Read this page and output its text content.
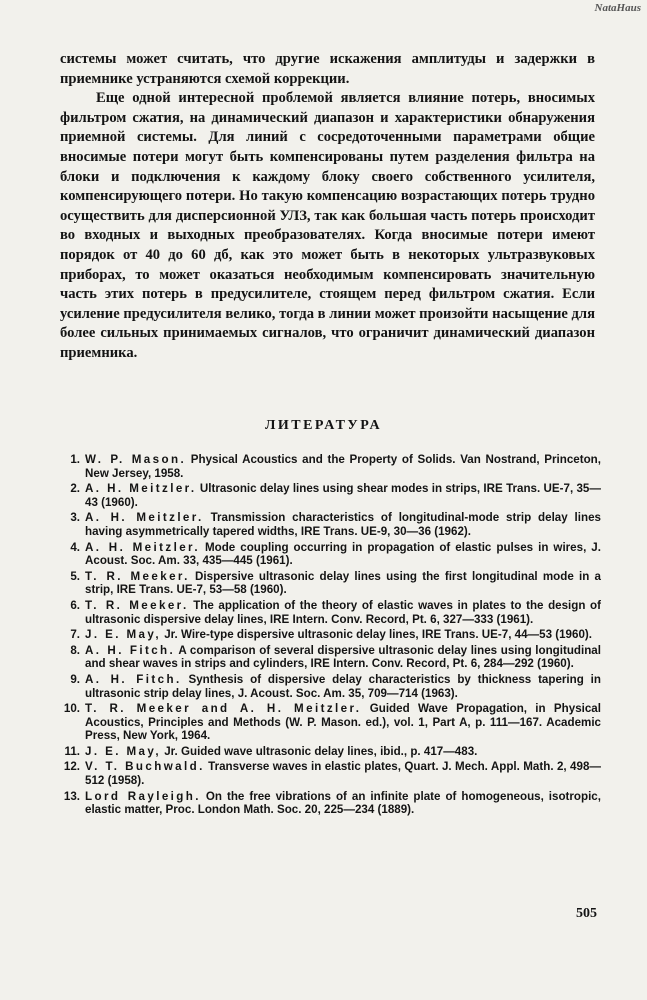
NataHaus

системы может считать, что другие искажения амплитуды и задержки в приемнике устраняются схемой коррекции.

Еще одной интересной проблемой является влияние потерь, вносимых фильтром сжатия, на динамический диапазон и характеристики обнаружения приемной системы. Для линий с сосредоточенными параметрами общие вносимые потери могут быть компенсированы путем разделения фильтра на блоки и подключения к каждому блоку своего собственного усилителя, компенсирующего потери. Но такую компенсацию возрастающих потерь трудно осуществить для дисперсионной УЛЗ, так как большая часть потерь происходит во входных и выходных преобразователях. Когда вносимые потери имеют порядок от 40 до 60 дб, как это может быть в некоторых ультразвуковых приборах, то может оказаться необходимым компенсировать значительную часть этих потерь в предусилителе, стоящем перед фильтром сжатия. Если усиление предусилителя велико, тогда в линии может произойти насыщение для более сильных принимаемых сигналов, что ограничит динамический диапазон приемника.

ЛИТЕРАТУРА
1. W. P. Mason. Physical Acoustics and the Property of Solids. Van Nostrand, Princeton, New Jersey, 1958.
2. A. H. Meitzler. Ultrasonic delay lines using shear modes in strips, IRE Trans. UE-7, 35—43 (1960).
3. A. H. Meitzler. Transmission characteristics of longitudinal-mode strip delay lines having asymmetrically tapered widths, IRE Trans. UE-9, 30—36 (1962).
4. A. H. Meitzler. Mode coupling occurring in propagation of elastic pulses in wires, J. Acoust. Soc. Am. 33, 435—445 (1961).
5. T. R. Meeker. Dispersive ultrasonic delay lines using the first longitudinal mode in a strip, IRE Trans. UE-7, 53—58 (1960).
6. T. R. Meeker. The application of the theory of elastic waves in plates to the design of ultrasonic dispersive delay lines, IRE Intern. Conv. Record, Pt. 6, 327—333 (1961).
7. J. E. May, Jr. Wire-type dispersive ultrasonic delay lines, IRE Trans. UE-7, 44—53 (1960).
8. A. H. Fitch. A comparison of several dispersive ultrasonic delay lines using longitudinal and shear waves in strips and cylinders, IRE Intern. Conv. Record, Pt. 6, 284—292 (1960).
9. A. H. Fitch. Synthesis of dispersive delay characteristics by thickness tapering in ultrasonic strip delay lines, J. Acoust. Soc. Am. 35, 709—714 (1963).
10. T. R. Meeker and A. H. Meitzler. Guided Wave Propagation, in Physical Acoustics, Principles and Methods (W. P. Mason. ed.), vol. 1, Part A, p. 111—167. Academic Press, New York, 1964.
11. J. E. May, Jr. Guided wave ultrasonic delay lines, ibid., p. 417—483.
12. V. T. Buchwald. Transverse waves in elastic plates, Quart. J. Mech. Appl. Math. 2, 498—512 (1958).
13. Lord Rayleigh. On the free vibrations of an infinite plate of homogeneous, isotropic, elastic matter, Proc. London Math. Soc. 20, 225—234 (1889).
505
